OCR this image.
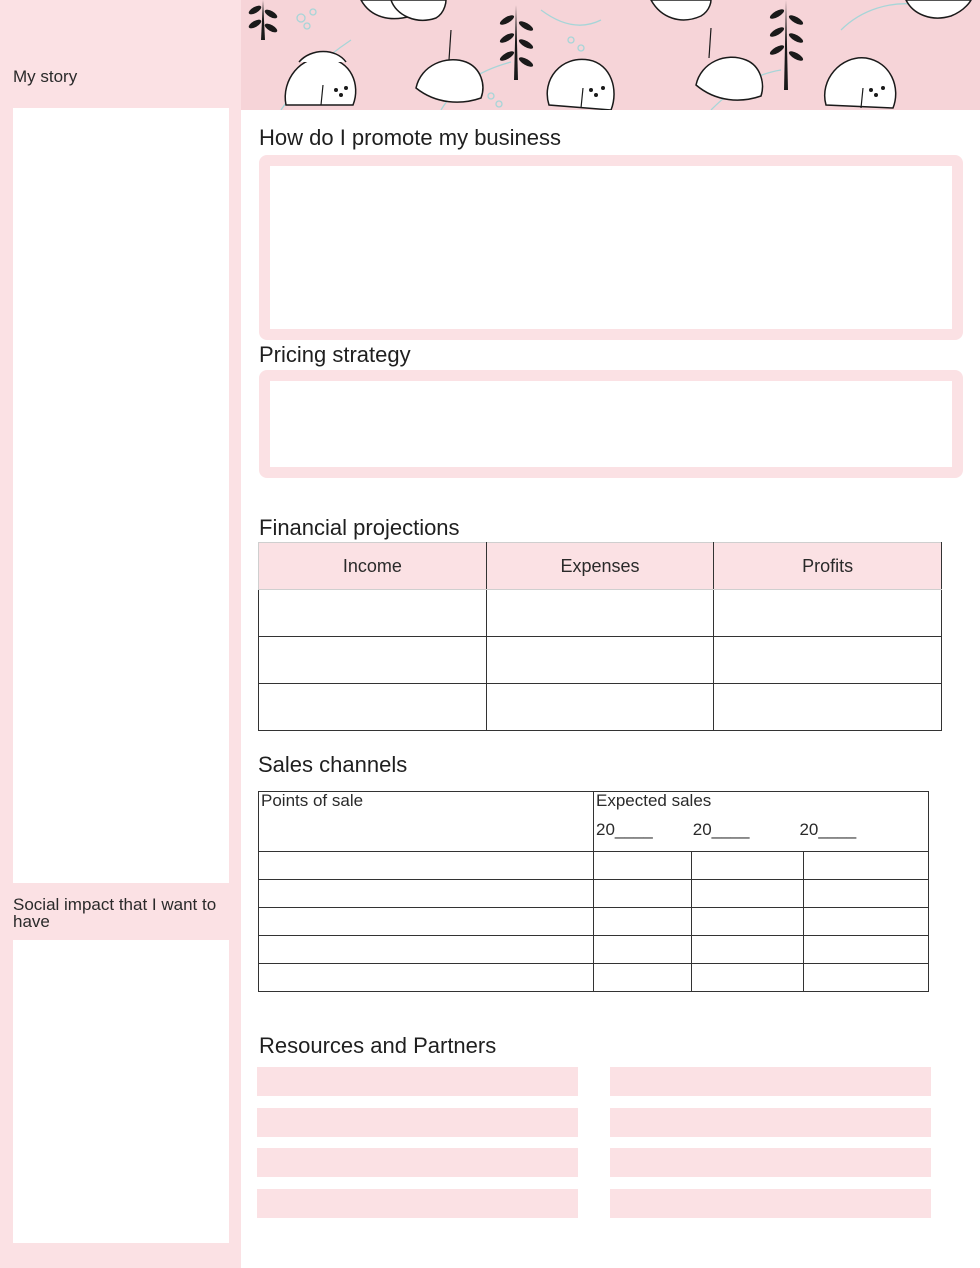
My story
Social impact that I want to have
How do I promote my business
Pricing strategy
Financial projections
Income	Expenses	Profits

Sales channels
Points of sale	Expected sales
20____ 20____ 20____		

Resources and Partners
